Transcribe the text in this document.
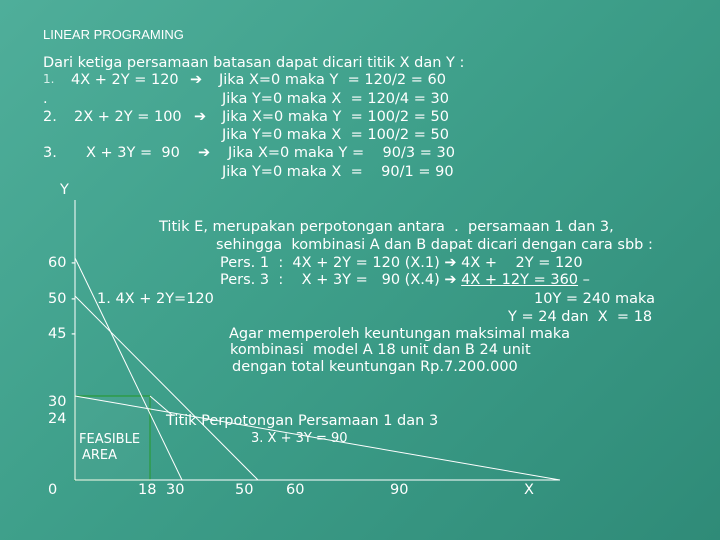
LINEAR PROGRAMING
Dari ketiga persamaan batasan dapat dicari titik X dan Y :
1. 4X + 2Y = 120 ➔ Jika X=0 maka Y  = 120/2 = 60
.	Jika Y=0 maka X  = 120/4 = 30
2. 2X + 2Y = 100 ➔ Jika X=0 maka Y  = 100/2 = 50
Jika Y=0 maka X  = 100/2 = 50
3. X + 3Y =  90 ➔ Jika X=0 maka Y =    90/3 = 30
Jika Y=0 maka X  =    90/1 = 90
Y
60 -
50 -
45 -
30
24
0	18 30	50 60	90	X
1. 4X + 2Y=120
FEASIBLE
AREA
Titik Perpotongan Persamaan 1 dan 3
3. X + 3Y = 90
Titik E, merupakan perpotongan antara  .  persamaan 1 dan 3,
sehingga  kombinasi A dan B dapat dicari dengan cara sbb :
Pers. 1  :  4X + 2Y = 120 (X.1) ➔ 4X +    2Y = 120
Pers. 3  :    X + 3Y =   90 (X.4) ➔ 4X + 12Y = 360 –
10Y = 240 maka
Y = 24 dan  X  = 18
Agar memperoleh keuntungan maksimal maka
kombinasi  model A 18 unit dan B 24 unit
dengan total keuntungan Rp.7.200.000
